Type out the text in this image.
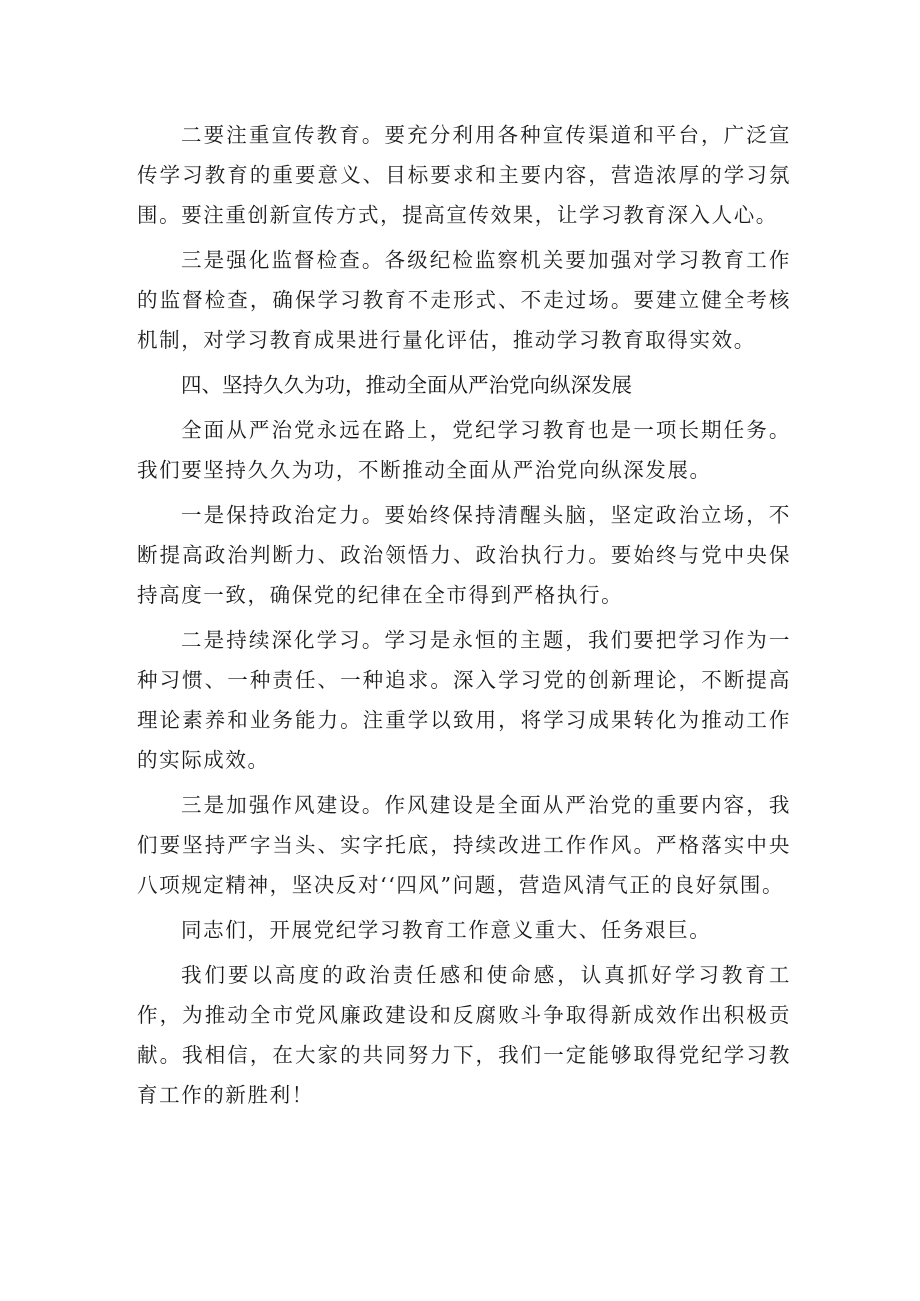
二要注重宣传教育。要充分利用各种宣传渠道和平台，广泛宣传学习教育的重要意义、目标要求和主要内容，营造浓厚的学习氛围。要注重创新宣传方式，提高宣传效果，让学习教育深入人心。

三是强化监督检查。各级纪检监察机关要加强对学习教育工作的监督检查，确保学习教育不走形式、不走过场。要建立健全考核机制，对学习教育成果进行量化评估，推动学习教育取得实效。

四、坚持久久为功，推动全面从严治党向纵深发展

全面从严治党永远在路上，党纪学习教育也是一项长期任务。我们要坚持久久为功，不断推动全面从严治党向纵深发展。

一是保持政治定力。要始终保持清醒头脑，坚定政治立场，不断提高政治判断力、政治领悟力、政治执行力。要始终与党中央保持高度一致，确保党的纪律在全市得到严格执行。

二是持续深化学习。学习是永恒的主题，我们要把学习作为一种习惯、一种责任、一种追求。深入学习党的创新理论，不断提高理论素养和业务能力。注重学以致用，将学习成果转化为推动工作的实际成效。

三是加强作风建设。作风建设是全面从严治党的重要内容，我们要坚持严字当头、实字托底，持续改进工作作风。严格落实中央八项规定精神，坚决反对‘‘四风”问题，营造风清气正的良好氛围。

同志们，开展党纪学习教育工作意义重大、任务艰巨。

我们要以高度的政治责任感和使命感，认真抓好学习教育工作，为推动全市党风廉政建设和反腐败斗争取得新成效作出积极贡献。我相信，在大家的共同努力下，我们一定能够取得党纪学习教育工作的新胜利！
